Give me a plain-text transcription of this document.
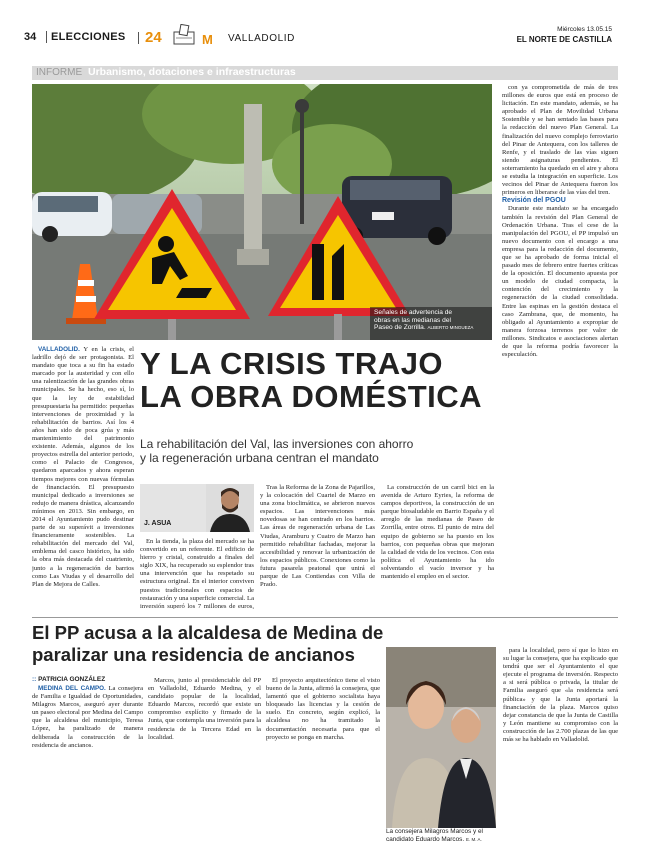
34	ELECCIONES 24	M VALLADOLID
Miércoles 13.05.15
EL NORTE DE CASTILLA
INFORME Urbanismo, dotaciones e infraestructuras
Señales de advertencia de
obras en las medianas del
Paseo de Zorrilla. ALBERTO MINGUEZA
Y LA CRISIS TRAJO
LA OBRA DOMÉSTICA
La rehabilitación del Val, las inversiones con ahorro
y la regeneración urbana centran el mandato
J. ASUA

VALLADOLID. Y en la crisis, el ladrillo dejó de ser protagonista. El mandato que toca a su fin ha estado marcado por la austeridad y con ello una ralentización de las grandes obras municipales. Se ha hecho, eso sí, lo que la ley de estabilidad presupuestaria ha permitido: pequeñas intervenciones de proximidad y la rehabilitación de barrios. Así los 4 años han sido de poca grúa y más mantenimiento del patrimonio existente. Además, algunos de los proyectos estrella del anterior periodo, como el Palacio de Congresos, quedaron aparcados y ahora esperan tiempos mejores con nuevas fórmulas de financiación. El presupuesto municipal dedicado a inversiones se redujo de manera drástica, alcanzando mínimos en 2013. Sin embargo, en 2014 el Ayuntamiento pudo destinar parte de su superávit a inversiones financieramente sostenibles. La rehabilitación del mercado del Val, emblema del casco histórico, ha sido la obra más destacada del cuatrienio, junto a la regeneración de barrios como Las Viudas y el desarrollo del Plan de Mejora de Calles.

En la tienda, la plaza del mercado se ha convertido en un referente. El edificio de hierro y cristal, construido a finales del siglo XIX, ha recuperado su esplendor tras una intervención que ha respetado su estructura original. En el interior conviven puestos tradicionales con espacios de restauración y una superficie comercial. La inversión superó los 7 millones de euros,

Tras la Reforma de la Zona de Pajarillos, y la colocación del Cuartel de Marzo en una zona bioclimática, se abrieron nuevos espacios. Las intervenciones más novedosas se han centrado en los barrios. Las áreas de regeneración urbana de Las Viudas, Aramburu y Cuatro de Marzo han permitido rehabilitar fachadas, mejorar la accesibilidad y renovar la urbanización de los espacios públicos. Conexiones como la futura pasarela peatonal que unirá el parque de Las Contiendas con Villa de Prado.

La construcción de un carril bici en la avenida de Arturo Eyries, la reforma de campos deportivos, la construcción de un parque biosaludable en Barrio España y el arreglo de las medianas de Paseo de Zorrilla, entre otros. El punto de mira del equipo de gobierno se ha puesto en los barrios, con pequeñas obras que mejoran la calidad de vida de los vecinos. Con esta política el Ayuntamiento ha ido solventando el vacío inversor y ha mantenido el empleo en el sector.

con ya comprometida de más de tres millones de euros que está en proceso de licitación. En este mandato, además, se ha aprobado el Plan de Movilidad Urbana Sostenible y se han sentado las bases para la redacción del nuevo Plan General. La finalización del nuevo complejo ferroviario del Pinar de Antequera, con los talleres de Renfe, y el traslado de las vías siguen siendo asignaturas pendientes. El soterramiento ha quedado en el aire y ahora se estudia la integración en superficie. Los vecinos del Pinar de Antequera fueron los primeros en liberarse de las vías del tren.

Revisión del PGOU

Durante este mandato se ha encargado también la revisión del Plan General de Ordenación Urbana. Tras el cese de la manipulación del PGOU, el PP impulsó un nuevo documento con el encargo a una empresa para la redacción del documento, que se ha aprobado de forma inicial el pasado mes de febrero entre fuertes críticas de la oposición. El documento apuesta por un modelo de ciudad compacta, la contención del crecimiento y la regeneración de la ciudad consolidada. Entre las espinas en la gestión destaca el caso Zambrana, que, de momento, ha obligado al Ayuntamiento a expropiar de manera forzosa terrenos por valor de millones. Sindicatos e asociaciones alertan de que la reforma podría favorecer la especulación.

El PP acusa a la alcaldesa de Medina de
paralizar una residencia de ancianos
:: PATRICIA GONZÁLEZ

MEDINA DEL CAMPO. La consejera de Familia e Igualdad de Oportunidades, Milagros Marcos, aseguró ayer durante un paseo electoral por Medina del Campo que la alcaldesa del municipio, Teresa López, ha paralizado de manera deliberada la construcción de la residencia de ancianos.

Marcos, junto al presidenciable del PP en Valladolid, Eduardo Medina, y el candidato popular de la localidad, Eduardo Marcos, recordó que existe un compromiso explícito y firmado de la Junta, que contempla una inversión para la residencia de la Tercera Edad en la localidad.

El proyecto arquitectónico tiene el visto bueno de la Junta, afirmó la consejera, que lamentó que el gobierno socialista haya bloqueado las licencias y la cesión de suelo. En concreto, según explicó, la alcaldesa no ha tramitado la documentación necesaria para que el proyecto se ponga en marcha.

La consejera Milagros Marcos y el candidato Eduardo Marcos. E. M. A.

para la localidad, pero sí que lo hizo en su lugar la consejera, que ha explicado que tendrá que ser el Ayuntamiento el que ejecute el programa de inversión. Respecto a si será pública o privada, la titular de Familia aseguró que «la residencia será pública» y que la Junta aportará la financiación de la plaza. Marcos quiso dejar constancia de que la Junta de Castilla y León mantiene su compromiso con la construcción de las 2.700 plazas de las que más se ha hablado en Valladolid.
